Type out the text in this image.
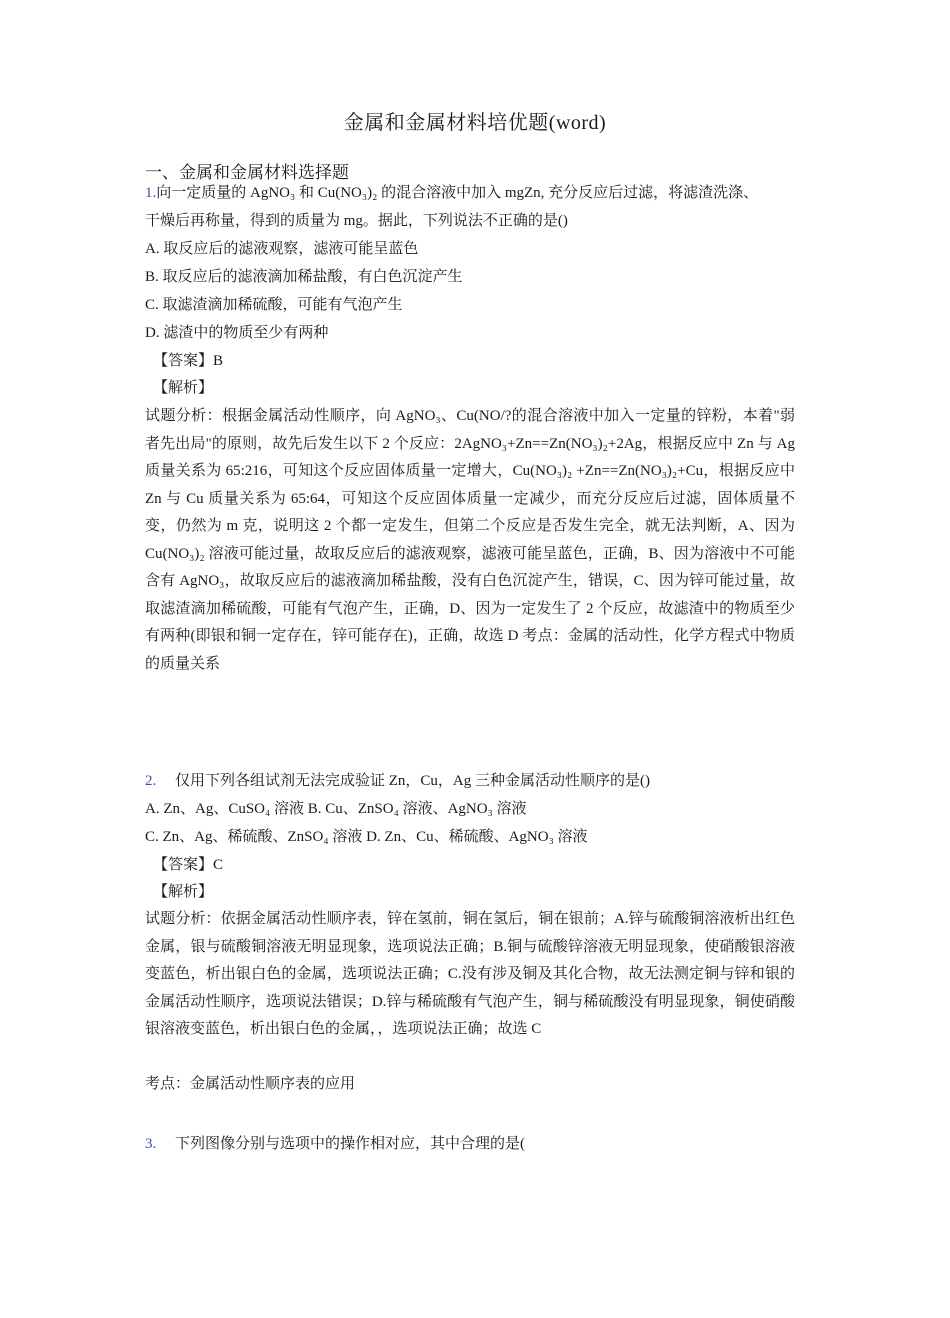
金属和金属材料培优题(word)
一、金属和金属材料选择题
1.向一定质量的 AgNO₃ 和 Cu(NO₃)₂ 的混合溶液中加入 mgZn, 充分反应后过滤，将滤渣洗涤、
干燥后再称量，得到的质量为 mg。据此，下列说法不正确的是()
A. 取反应后的滤液观察，滤液可能呈蓝色
B. 取反应后的滤液滴加稀盐酸，有白色沉淀产生
C. 取滤渣滴加稀硫酸，可能有气泡产生
D. 滤渣中的物质至少有两种
【答案】B
【解析】
试题分析：根据金属活动性顺序，向 AgNO₃、Cu(NO/?的混合溶液中加入一定量的锌粉，本着"弱者先出局"的原则，故先后发生以下 2 个反应：2AgNO₃+Zn==Zn(NO₃)₂+2Ag，根据反应中 Zn 与 Ag 质量关系为 65:216，可知这个反应固体质量一定增大，Cu(NO₃)₂ +Zn==Zn(NO₃)₂+Cu，根据反应中 Zn 与 Cu 质量关系为 65:64，可知这个反应固体质量一定减少，而充分反应后过滤，固体质量不变，仍然为 m 克，说明这 2 个都一定发生，但第二个反应是否发生完全，就无法判断，A、因为 Cu(NO₃)₂ 溶液可能过量，故取反应后的滤液观察，滤液可能呈蓝色，正确，B、因为溶液中不可能含有 AgNO₃，故取反应后的滤液滴加稀盐酸，没有白色沉淀产生，错误，C、因为锌可能过量，故取滤渣滴加稀硫酸，可能有气泡产生，正确，D、因为一定发生了 2 个反应，故滤渣中的物质至少有两种(即银和铜一定存在，锌可能存在)，正确，故选 D 考点：金属的活动性，化学方程式中物质的质量关系
2. 仅用下列各组试剂无法完成验证 Zn，Cu，Ag 三种金属活动性顺序的是()
A. Zn、Ag、CuSO₄ 溶液 B. Cu、ZnSO₄ 溶液、AgNO₃ 溶液
C. Zn、Ag、稀硫酸、ZnSO₄ 溶液 D. Zn、Cu、稀硫酸、AgNO₃ 溶液
【答案】C
【解析】
试题分析：依据金属活动性顺序表，锌在氢前，铜在氢后，铜在银前；A.锌与硫酸铜溶液析出红色金属，银与硫酸铜溶液无明显现象，选项说法正确；B.铜与硫酸锌溶液无明显现象，使硝酸银溶液变蓝色，析出银白色的金属，选项说法正确；C.没有涉及铜及其化合物，故无法测定铜与锌和银的金属活动性顺序，选项说法错误；D.锌与稀硫酸有气泡产生，铜与稀硫酸没有明显现象，铜使硝酸银溶液变蓝色，析出银白色的金属，，选项说法正确；故选 C
考点：金属活动性顺序表的应用
3. 下列图像分别与选项中的操作相对应，其中合理的是(
